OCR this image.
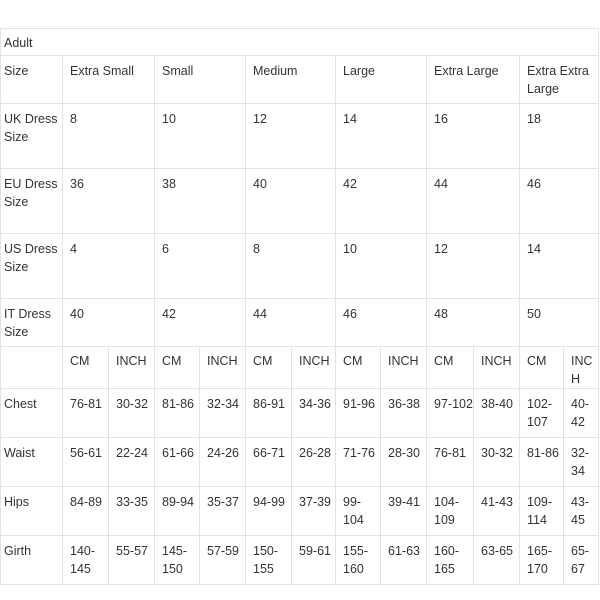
Adult												
Size	Extra Small		Small		Medium		Large		Extra Large		Extra Extra Large	
UK Dress Size	8		10		12		14		16		18	
EU Dress Size	36		38		40		42		44		46	
US Dress Size	4		6		8		10		12		14	
IT Dress Size	40		42		44		46		48		50	
	CM	INCH	CM	INCH	CM	INCH	CM	INCH	CM	INCH	CM	INCH
Chest	76-81	30-32	81-86	32-34	86-91	34-36	91-96	36-38	97-102	38-40	102-107	40-42
Waist	56-61	22-24	61-66	24-26	66-71	26-28	71-76	28-30	76-81	30-32	81-86	32-34
Hips	84-89	33-35	89-94	35-37	94-99	37-39	99-104	39-41	104-109	41-43	109-114	43-45
Girth	140-145	55-57	145-150	57-59	150-155	59-61	155-160	61-63	160-165	63-65	165-170	65-67
